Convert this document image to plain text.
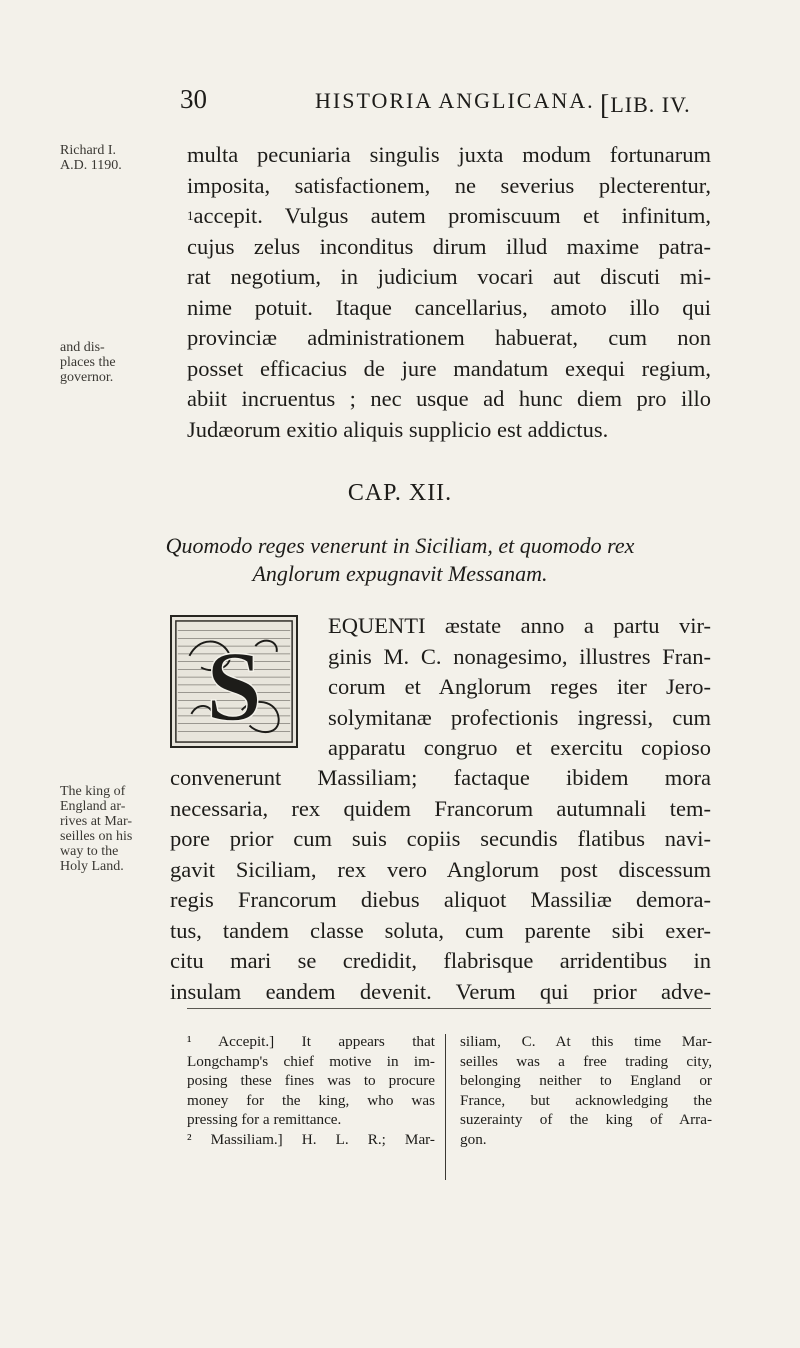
30	HISTORIA ANGLICANA. [LIB. IV.
Richard I.
A.D. 1190.
and dis-
places the
governor.
The king of
England ar-
rives at Mar-
seilles on his
way to the
Holy Land.
multa pecuniaria singulis juxta modum fortunarum
imposita, satisfactionem, ne severius plecterentur,
$^1$accepit. Vulgus autem promiscuum et infinitum,
cujus zelus inconditus dirum illud maxime patra-
rat negotium, in judicium vocari aut discuti mi-
nime potuit. Itaque cancellarius, amoto illo qui
provinciæ administrationem habuerat, cum non
posset efficacius de jure mandatum exequi regium,
abiit incruentus ; nec usque ad hunc diem pro illo
Judæorum exitio aliquis supplicio est addictus.
CAP. XII.
Quomodo reges venerunt in Siciliam, et quomodo rex
Anglorum expugnavit Messanam.
S
EQUENTI æstate anno a partu vir-
ginis M. C. nonagesimo, illustres Fran-
corum et Anglorum reges iter Jero-
solymitanæ profectionis ingressi, cum
apparatu congruo et exercitu copioso
convenerunt Massiliam; factaque ibidem mora
necessaria, rex quidem Francorum autumnali tem-
pore prior cum suis copiis secundis flatibus navi-
gavit Siciliam, rex vero Anglorum post discessum
regis Francorum diebus aliquot Massiliæ demora-
tus, tandem classe soluta, cum parente sibi exer-
citu mari se credidit, flabrisque arridentibus in
insulam eandem devenit. Verum qui prior adve-
¹ Accepit.] It appears that
Longchamp's chief motive in im-
posing these fines was to procure
money for the king, who was
pressing for a remittance.
² Massiliam.] H. L. R.; Mar-
siliam, C. At this time Mar-
seilles was a free trading city,
belonging neither to England or
France, but acknowledging the
suzerainty of the king of Arra-
gon.
